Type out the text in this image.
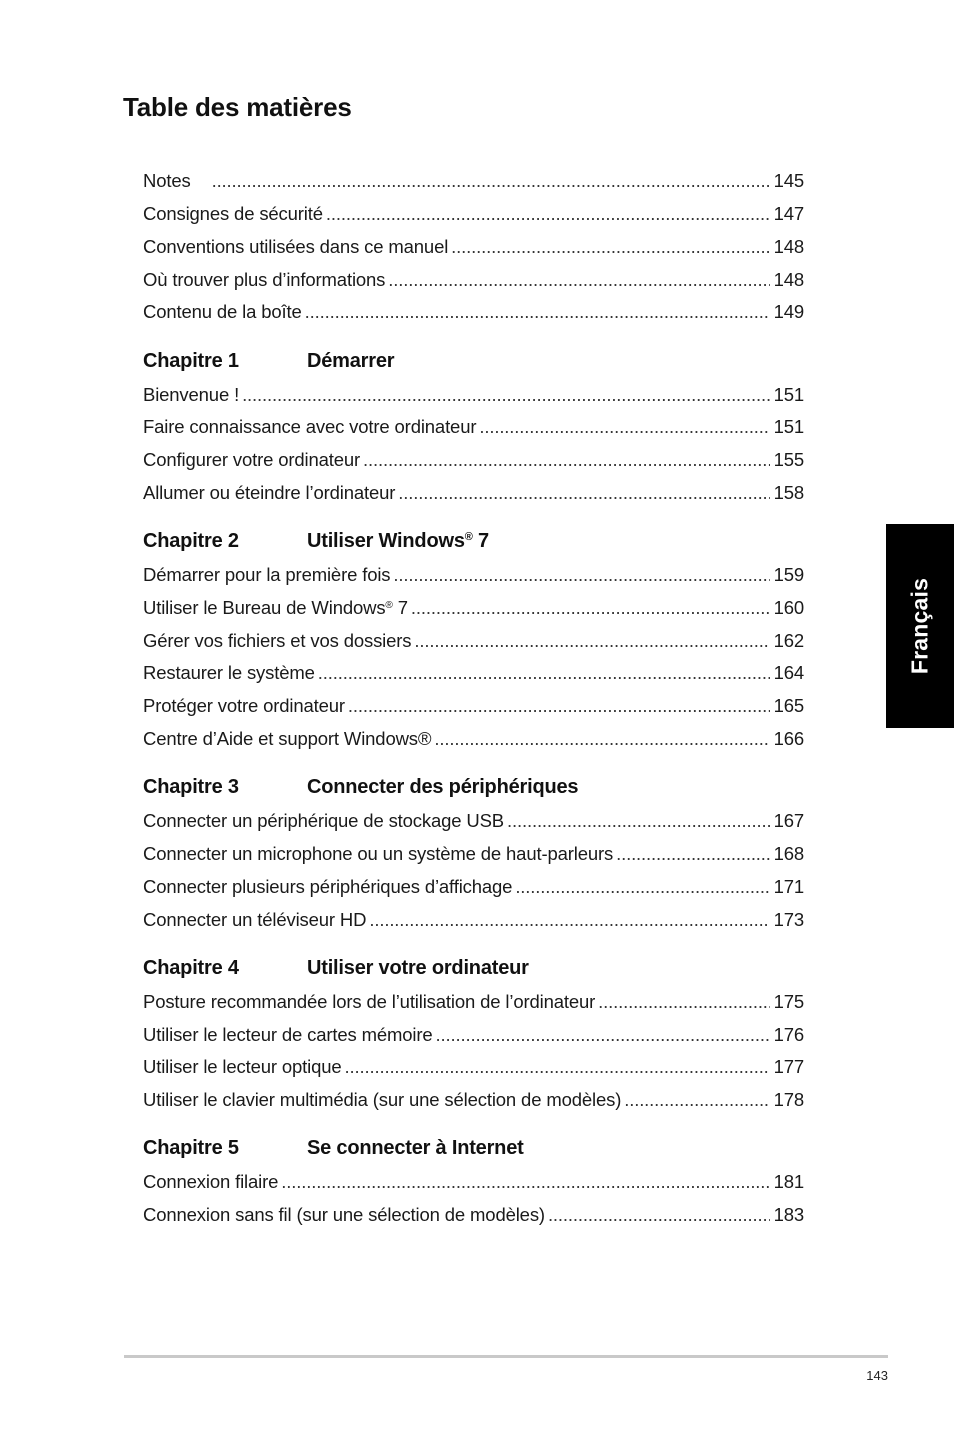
Table des matières
Notes .....	145
Consignes de sécurité .....	147
Conventions utilisées dans ce manuel .....	148
Où trouver plus d’informations .....	148
Contenu de la boîte .....	149
Chapitre 1	Démarrer
Bienvenue ! .....	151
Faire connaissance avec votre ordinateur .....	151
Configurer votre ordinateur .....	155
Allumer ou éteindre l’ordinateur .....	158
Chapitre 2	Utiliser Windows® 7
Démarrer pour la première fois .....	159
Utiliser le Bureau de Windows® 7 .....	160
Gérer vos fichiers et vos dossiers .....	162
Restaurer le système .....	164
Protéger votre ordinateur .....	165
Centre d’Aide et support Windows® .....	166
Chapitre 3	Connecter des périphériques
Connecter un périphérique de stockage USB .....	167
Connecter un microphone ou un système de haut-parleurs .....	168
Connecter plusieurs périphériques d’affichage .....	171
Connecter un téléviseur HD .....	173
Chapitre 4	Utiliser votre ordinateur
Posture recommandée lors de l’utilisation de l’ordinateur .....	175
Utiliser le lecteur de cartes mémoire .....	176
Utiliser le lecteur optique .....	177
Utiliser le clavier multimédia (sur une sélection de modèles) .....	178
Chapitre 5	Se connecter à Internet
Connexion filaire .....	181
Connexion sans fil (sur une sélection de modèles) .....	183
Français
143
